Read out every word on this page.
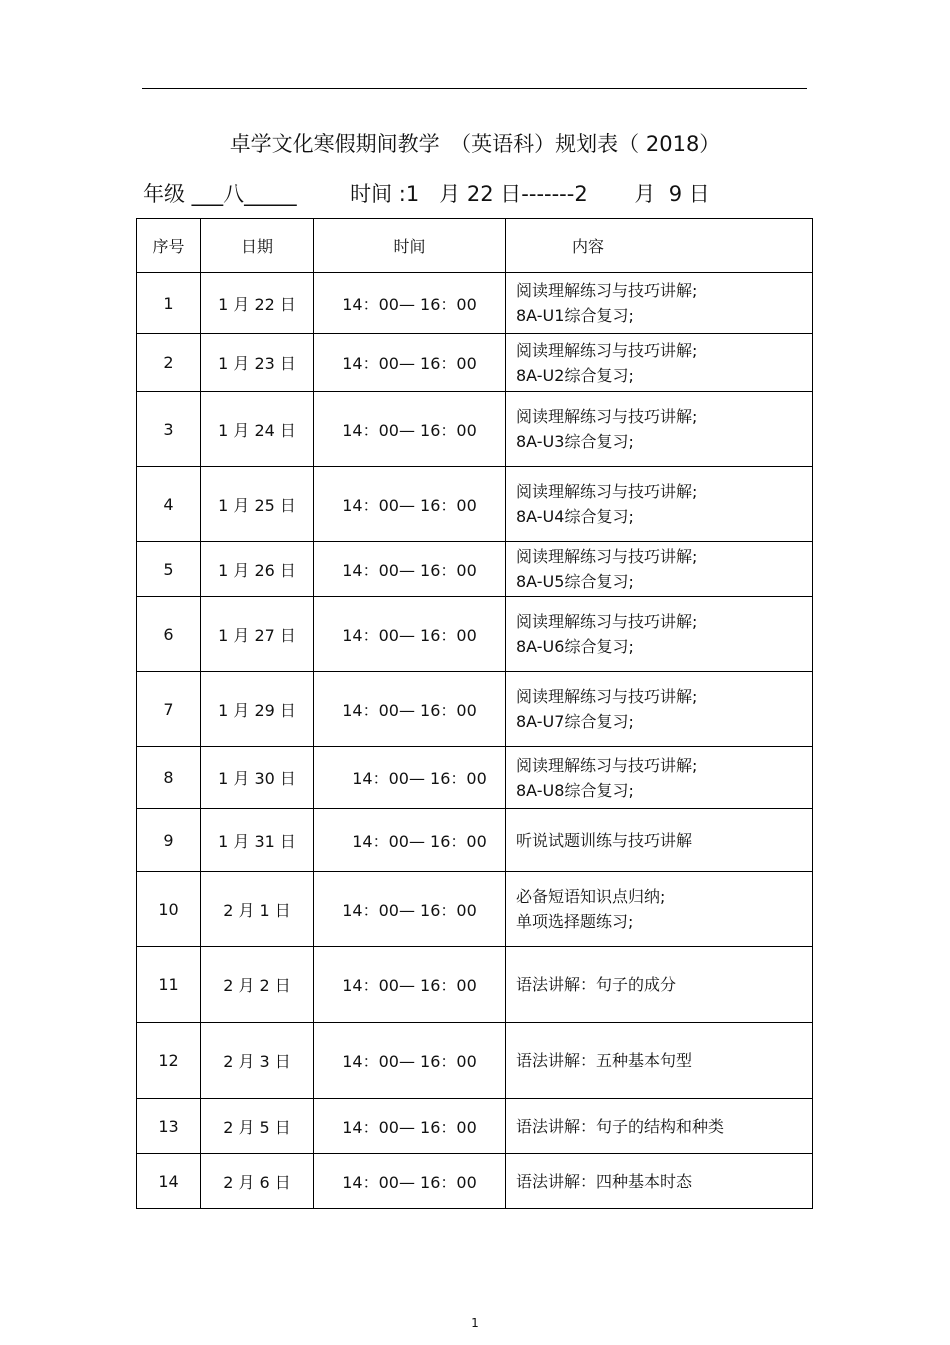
卓学文化寒假期间教学　（英语科）规划表（ 2018）
年级 ___八_____        时间 :1   月 22 日-------2       月  9 日
序号	日期	时间	内容
1	1 月 22 日	14：00— 16：00	阅读理解练习与技巧讲解;
8A-U1综合复习;

2	1 月 23 日	14：00— 16：00	阅读理解练习与技巧讲解;
8A-U2综合复习;

3	1 月 24 日	14：00— 16：00	阅读理解练习与技巧讲解;
8A-U3综合复习;

4	1 月 25 日	14：00— 16：00	阅读理解练习与技巧讲解;
8A-U4综合复习;

5	1 月 26 日	14：00— 16：00	阅读理解练习与技巧讲解;
8A-U5综合复习;

6	1 月 27 日	14：00— 16：00	阅读理解练习与技巧讲解;
8A-U6综合复习;

7	1 月 29 日	14：00— 16：00	阅读理解练习与技巧讲解;
8A-U7综合复习;

8	1 月 30 日	14：00— 16：00	阅读理解练习与技巧讲解;
8A-U8综合复习;

9	1 月 31 日	14：00— 16：00	听说试题训练与技巧讲解

10	2 月 1 日	14：00— 16：00	必备短语知识点归纳;
单项选择题练习;

11	2 月 2 日	14：00— 16：00	语法讲解：句子的成分

12	2 月 3 日	14：00— 16：00	语法讲解：五种基本句型

13	2 月 5 日	14：00— 16：00	语法讲解：句子的结构和种类

14	2 月 6 日	14：00— 16：00	语法讲解：四种基本时态
1
